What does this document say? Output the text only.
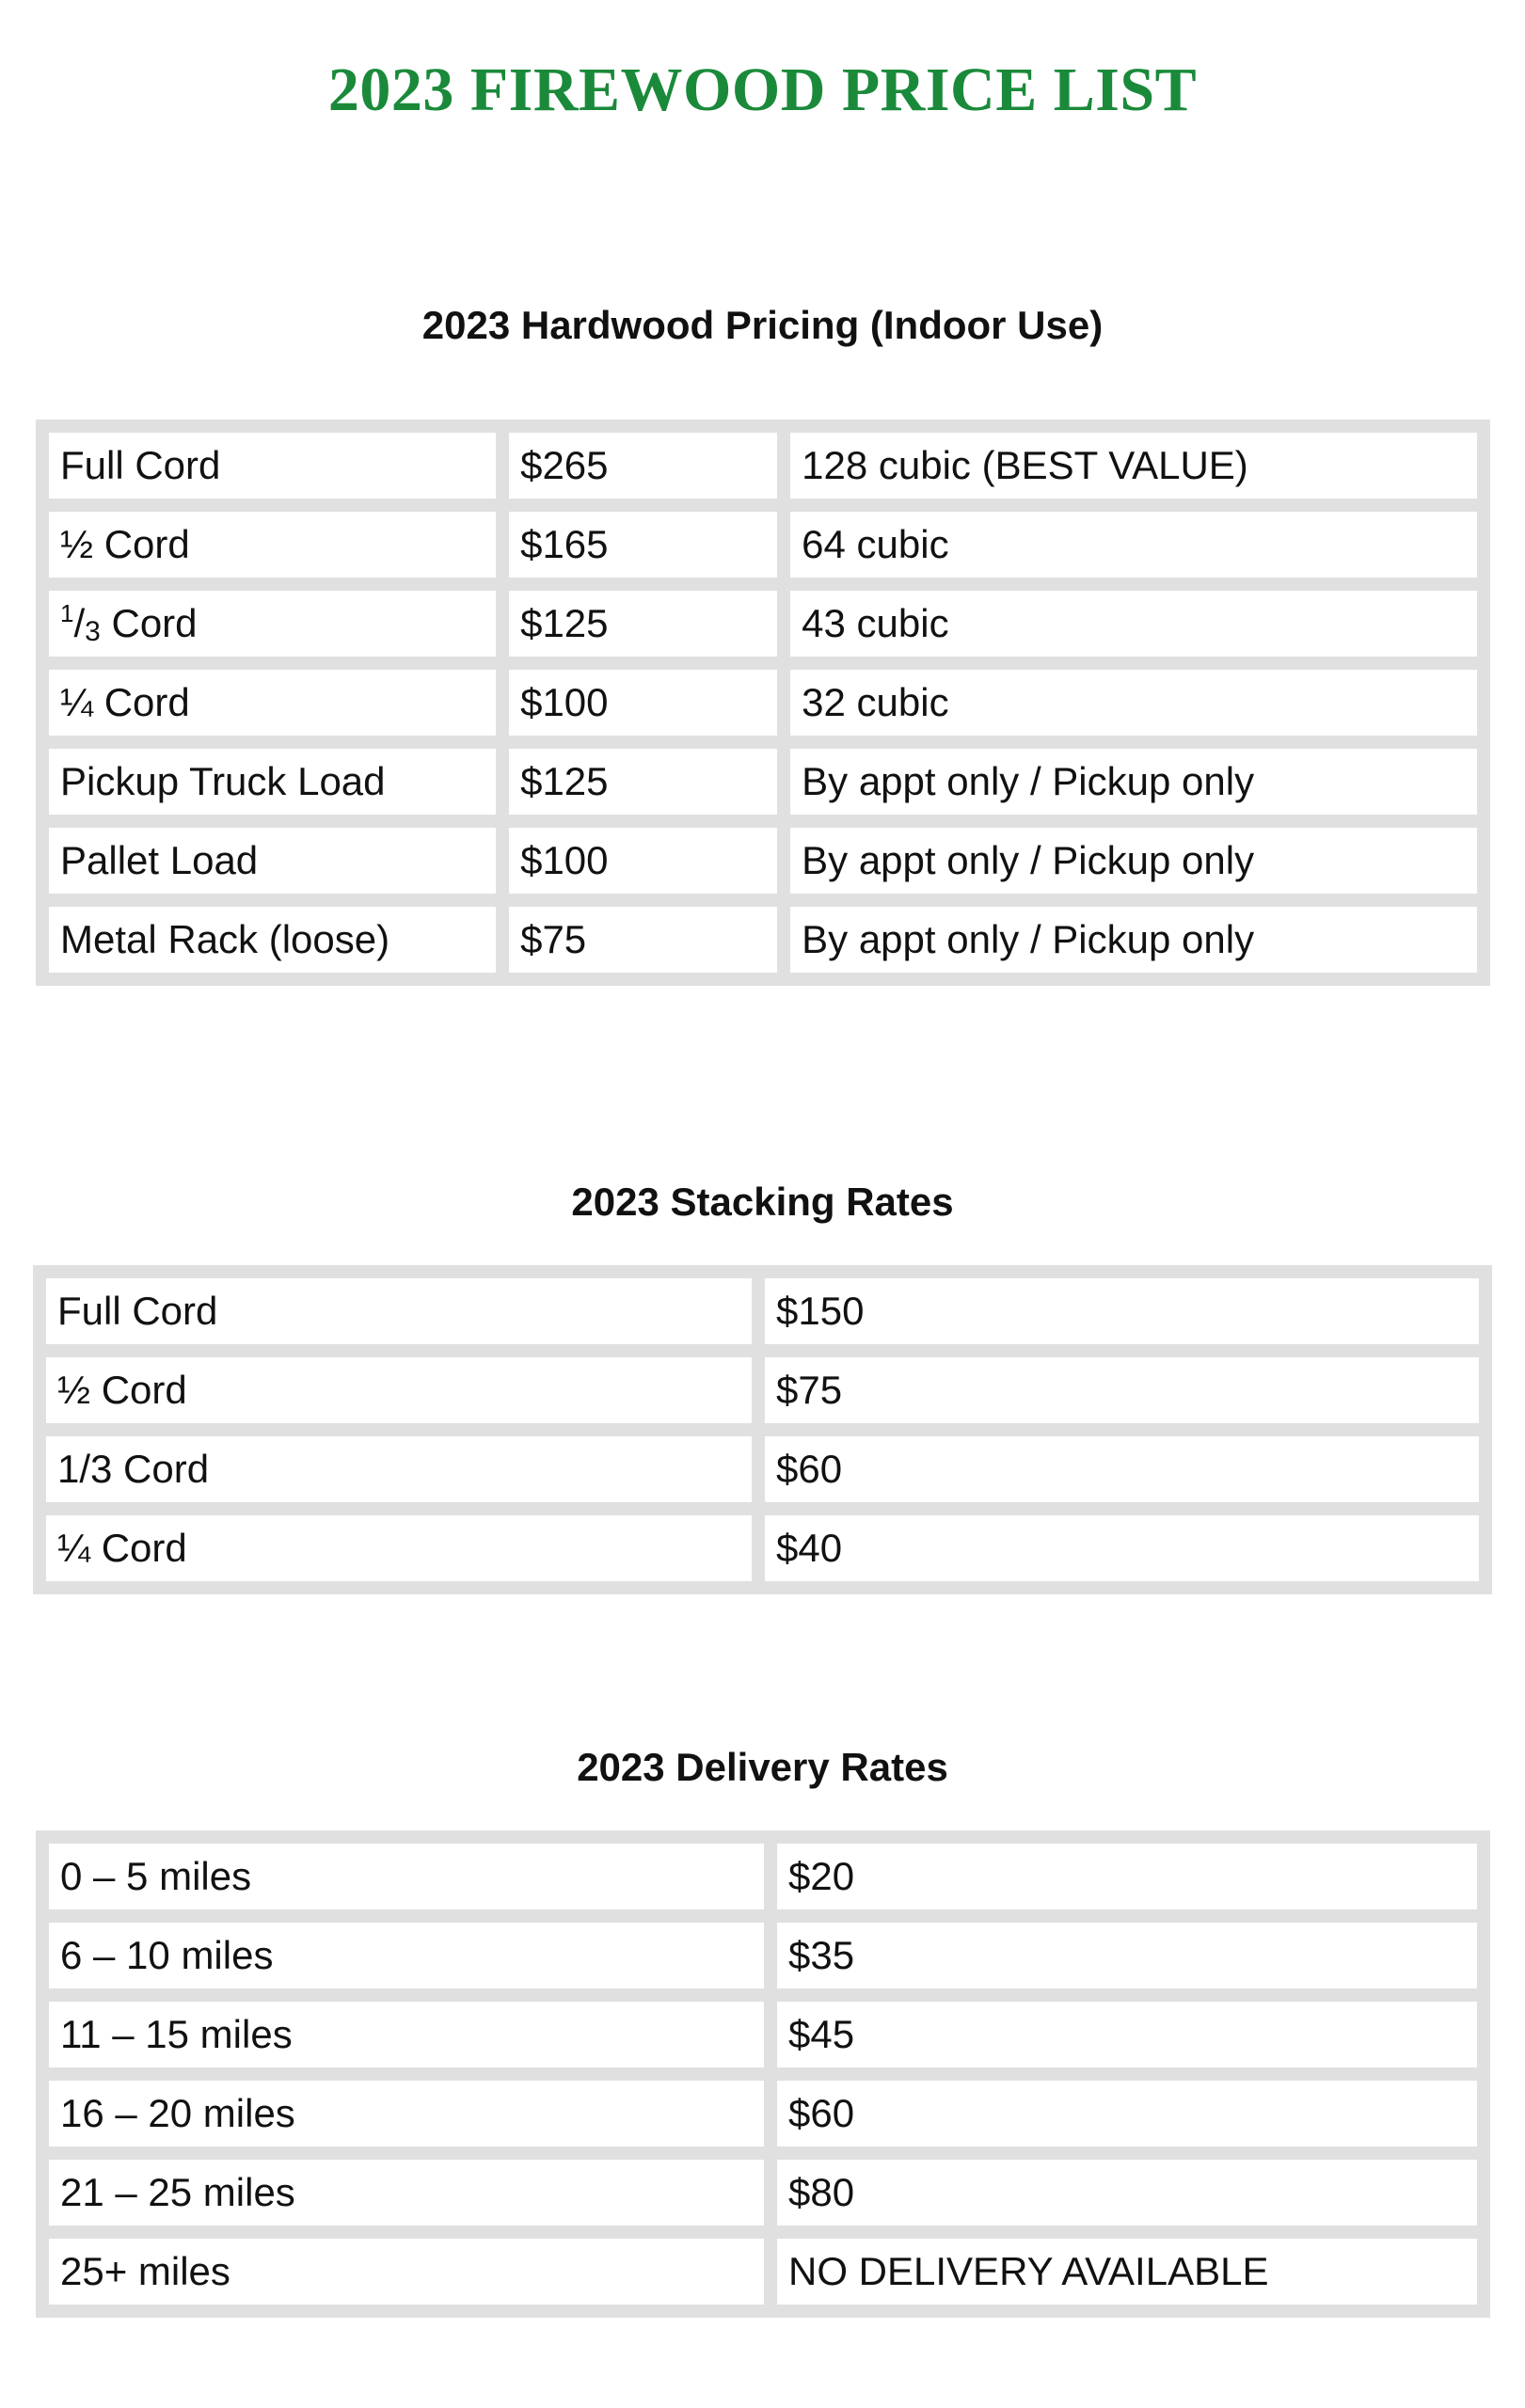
2023 FIREWOOD PRICE LIST
2023 Hardwood Pricing (Indoor Use)
Full Cord	$265	128 cubic (BEST VALUE)
½ Cord	$165	64 cubic
$^1/_3$ Cord	$125	43 cubic
¼ Cord	$100	32 cubic
Pickup Truck Load	$125	By appt only / Pickup only
Pallet Load	$100	By appt only / Pickup only
Metal Rack (loose)	$75	By appt only / Pickup only
2023 Stacking Rates
Full Cord	$150
½ Cord	$75
1/3 Cord	$60
¼ Cord	$40
2023 Delivery Rates
0 – 5 miles	$20
6 – 10 miles	$35
11 – 15 miles	$45
16 – 20 miles	$60
21 – 25 miles	$80
25+ miles	NO DELIVERY AVAILABLE
